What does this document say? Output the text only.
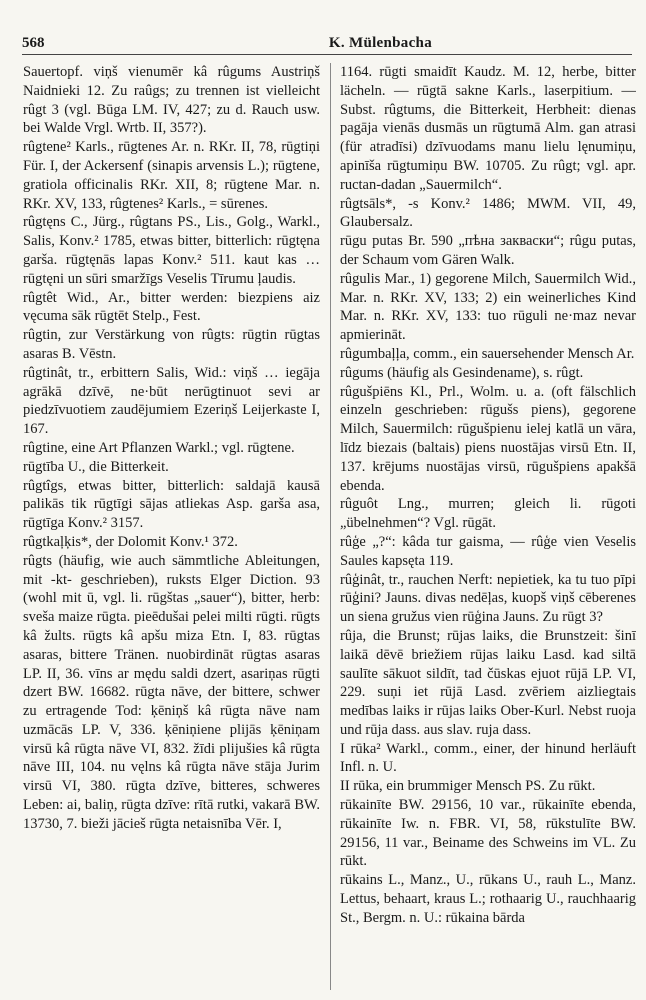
568	K. Mülenbacha

Sauertopf. viņš vienumēr kâ rûgums Austriņš Naidnieki 12. Zu raûgs; zu trennen ist vielleicht rûgt 3 (vgl. Būga LM. IV, 427; zu d. Rauch usw. bei Walde Vrgl. Wrtb. II, 357?).

rûgtene² Karls., rūgtenes Ar. n. RKr. II, 78, rūgtiņi Für. I, der Ackersenf (sinapis arvensis L.); rūgtene, gratiola officinalis RKr. XII, 8; rūgtene Mar. n. RKr. XV, 133, rûgtenes² Karls., = sūrenes.

rûgtęns C., Jürg., rûgtans PS., Lis., Golg., Warkl., Salis, Konv.² 1785, etwas bitter, bitterlich: rūgtęna garša. rūgtęnās lapas Konv.² 511. kaut kas … rūgtęni un sūri smaržīgs Veselis Tīrumu ļaudis.

rûgtêt Wid., Ar., bitter werden: biezpiens aiz vęcuma sāk rūgtēt Stelp., Fest.

rûgtin, zur Verstärkung von rûgts: rūgtin rūgtas asaras B. Vēstn.

rûgtinât, tr., erbittern Salis, Wid.: viņš … iegāja agrākā dzīvē, ne·būt nerūgtinuot sevi ar piedzīvuotiem zaudējumiem Ezeriņš Leijerkaste I, 167.

rûgtine, eine Art Pflanzen Warkl.; vgl. rūgtene.

rūgtība U., die Bitterkeit.

rûgtîgs, etwas bitter, bitterlich: saldajā kausā palikās tik rūgtīgi sājas atliekas Asp. garša asa, rūgtīga Konv.² 3157.

rûgtkaļķis*, der Dolomit Konv.¹ 372.

rûgts (häufig, wie auch sämmtliche Ableitungen, mit -kt- geschrieben), ruksts Elger Diction. 93 (wohl mit ū, vgl. li. rūgštas „sauer“), bitter, herb: sveša maize rūgta. pieēdušai pelei milti rūgti. rūgts kâ žults. rūgts kâ apšu miza Etn. I, 83. rūgtas asaras, bittere Tränen. nuobirdināt rūgtas asaras LP. II, 36. vīns ar mędu saldi dzert, asariņas rūgti dzert BW. 16682. rūgta nāve, der bittere, schwer zu ertragende Tod: ķēniņš kâ rūgta nāve nam uzmācās LP. V, 336. ķēniņiene plijās ķēniņam virsū kâ rūgta nāve VI, 832. žīdi plijušies kâ rūgta nāve III, 104. nu vęlns kâ rūgta nāve stāja Jurim virsū VI, 380. rūgta dzīve, bitteres, schweres Leben: ai, baliņ, rūgta dzīve: rītā rutki, vakarā BW. 13730, 7. bieži jācieš rūgta netaisnība Vēr. I,

1164. rūgti smaidīt Kaudz. M. 12, herbe, bitter lächeln. — rūgtā sakne Karls., laserpitium. — Subst. rûgtums, die Bitterkeit, Herbheit: dienas pagāja vienās dusmās un rūgtumā Alm. gan atrasi (für atradīsi) dzīvuodams manu lielu lęnumiņu, apinīša rūgtumiņu BW. 10705. Zu rûgt; vgl. apr. ructan-dadan „Sauermilch“.

rûgtsāls*, -s Konv.² 1486; MWM. VII, 49, Glaubersalz.

rūgu putas Br. 590 „пѣна закваски“; rûgu putas, der Schaum vom Gären Walk.

rûgulis Mar., 1) gegorene Milch, Sauermilch Wid., Mar. n. RKr. XV, 133; 2) ein weinerliches Kind Mar. n. RKr. XV, 133: tuo rūguli ne·maz nevar apmierināt.

rûgumbaļļa, comm., ein sauersehender Mensch Ar.

rûgums (häufig als Gesindename), s. rûgt.

rûgušpiēns Kl., Prl., Wolm. u. a. (oft fälschlich einzeln geschrieben: rūgušs piens), gegorene Milch, Sauermilch: rūgušpienu ielej katlā un vāra, līdz biezais (baltais) piens nuostājas virsū Etn. II, 137. krējums nuostājas virsū, rūgušpiens apakšā ebenda.

rûguôt Lng., murren; gleich li. rūgoti „übelnehmen“? Vgl. rūgāt.

rûģe „?“: kâda tur gaisma, — rûģe vien Veselis Saules kapsęta 119.

rûģinât, tr., rauchen Nerft: nepietiek, ka tu tuo pīpi rūģini? Jauns. divas nedēļas, kuopš viņš cēberenes un siena gružus vien rūģina Jauns. Zu rūgt 3?

rûja, die Brunst; rūjas laiks, die Brunstzeit: šinī laikā dēvē briežiem rūjas laiku Lasd. kad siltā saulīte sākuot sildīt, tad čūskas ejuot rūjā LP. VI, 229. suņi iet rūjā Lasd. zvēriem aizliegtais medības laiks ir rūjas laiks Ober-Kurl. Nebst ruoja und rūja dass. aus slav. ruja dass.

I rūka² Warkl., comm., einer, der hinund herläuft Infl. n. U.

II rūka, ein brummiger Mensch PS. Zu rūkt.

rūkainīte BW. 29156, 10 var., rūkainīte ebenda, rūkainīte Iw. n. FBR. VI, 58, rūkstulīte BW. 29156, 11 var., Beiname des Schweins im VL. Zu rūkt.

rūkains L., Manz., U., rūkans U., rauh L., Manz. Lettus, behaart, kraus L.; rothaarig U., rauchhaarig St., Bergm. n. U.: rūkaina bārda
